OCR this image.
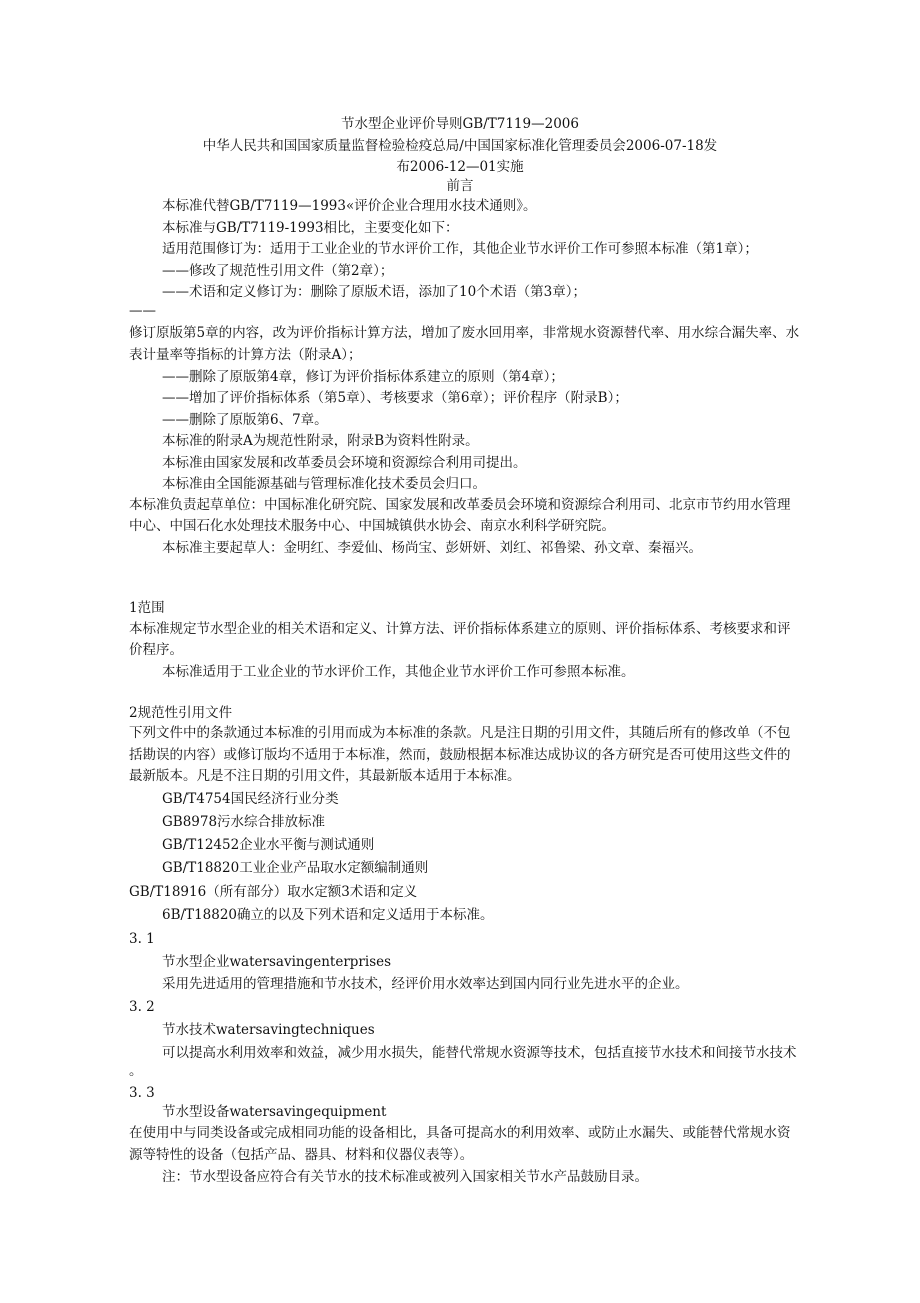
节水型企业评价导则GB/T7119—2006
中华人民共和国国家质量监督检验检疫总局/中国国家标准化管理委员会2006-07-18发
布2006-12—01实施
前言
本标准代替GB/T7119—1993«评价企业合理用水技术通则》。
本标准与GB/T7119-1993相比，主要变化如下：
适用范围修订为：适用于工业企业的节水评价工作，其他企业节水评价工作可参照本标准（第1章）；
——修改了规范性引用文件（第2章）；
——术语和定义修订为：删除了原版术语，添加了10个术语（第3章）；
——
修订原版第5章的内容，改为评价指标计算方法，增加了废水回用率，非常规水资源替代率、用水综合漏失率、水
表计量率等指标的计算方法（附录A）；
——删除了原版第4章，修订为评价指标体系建立的原则（第4章）；
——增加了评价指标体系（第5章）、考核要求（第6章）；评价程序（附录B）；
——删除了原版第6、7章。
本标准的附录A为规范性附录，附录B为资料性附录。
本标准由国家发展和改革委员会环境和资源综合利用司提出。
本标准由全国能源基础与管理标准化技术委员会归口。
本标准负责起草单位：中国标准化研究院、国家发展和改革委员会环境和资源综合利用司、北京市节约用水管理
中心、中国石化水处理技术服务中心、中国城镇供水协会、南京水利科学研究院。
本标准主要起草人：金明红、李爱仙、杨尚宝、彭妍妍、刘红、祁鲁梁、孙文章、秦福兴。
1范围
本标准规定节水型企业的相关术语和定义、计算方法、评价指标体系建立的原则、评价指标体系、考核要求和评
价程序。
本标准适用于工业企业的节水评价工作，其他企业节水评价工作可参照本标准。
2规范性引用文件
下列文件中的条款通过本标准的引用而成为本标准的条款。凡是注日期的引用文件，其随后所有的修改单（不包
括勘误的内容）或修订版均不适用于本标准，然而，鼓励根据本标准达成协议的各方研究是否可使用这些文件的
最新版本。凡是不注日期的引用文件，其最新版本适用于本标准。
GB/T4754国民经济行业分类
GB8978污水综合排放标准
GB/T12452企业水平衡与测试通则
GB/T18820工业企业产品取水定额编制通则
GB/T18916（所有部分）取水定额3术语和定义
6B/T18820确立的以及下列术语和定义适用于本标准。
3. 1
节水型企业watersavingenterprises
采用先进适用的管理措施和节水技术，经评价用水效率达到国内同行业先进水平的企业。
3. 2
节水技术watersavingtechniques
可以提高水利用效率和效益，减少用水损失，能替代常规水资源等技术，包括直接节水技术和间接节水技术
。
3. 3
节水型设备watersavingequipment
在使用中与同类设备或完成相同功能的设备相比，具备可提高水的利用效率、或防止水漏失、或能替代常规水资
源等特性的设备（包括产品、器具、材料和仪器仪表等）。
注：节水型设备应符合有关节水的技术标准或被列入国家相关节水产品鼓励目录。
